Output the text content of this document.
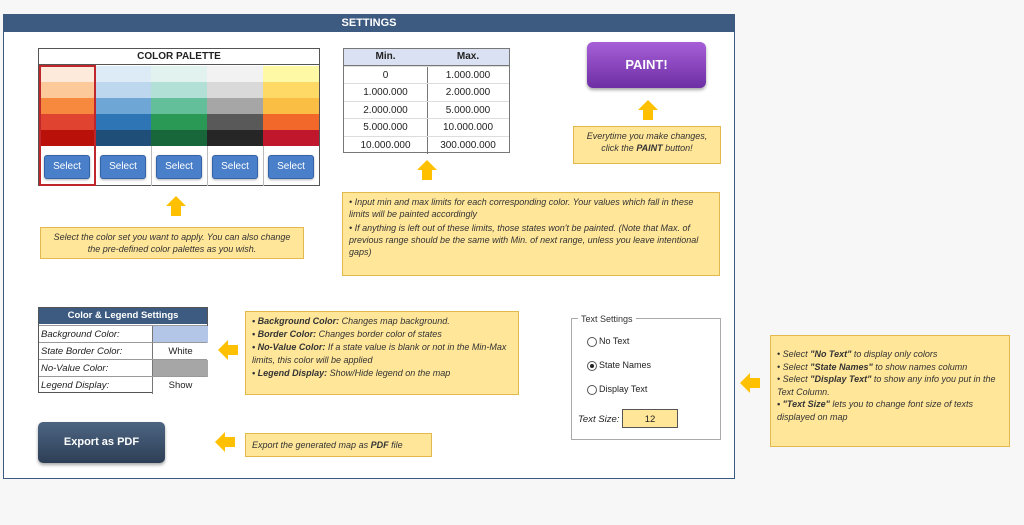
SETTINGS
COLOR PALETTE
Select	Select	Select	Select	Select
Min.	Max.
0	1.000.000
1.000.000	2.000.000
2.000.000	5.000.000
5.000.000	10.000.000
10.000.000	300.000.000
PAINT!
Everytime you make changes,
click the PAINT button!
Select the color set you want to apply. You can also change the pre-defined color palettes as you wish.
• Input min and max limits for each corresponding color. Your values which fall in these limits will be painted accordingly
• If anything is left out of these limits, those states won't be painted. (Note that Max. of previous range should be the same with Min. of next range, unless you leave intentional gaps)
Color & Legend Settings
Background Color:
State Border Color:	White
No-Value Color:
Legend Display:	Show
• Background Color: Changes map background.
• Border Color: Changes border color of states
• No-Value Color: If a state value is blank or not in the Min-Max limits, this color will be applied
• Legend Display: Show/Hide legend on the map
Export as PDF	Export the generated map as PDF file
Text Settings
No Text
State Names
Display Text
Text Size:	12
• Select "No Text" to display only colors
• Select "State Names" to show names column
• Select "Display Text" to show any info you put in the Text Column.
• "Text Size" lets you to change font size of texts displayed on map
